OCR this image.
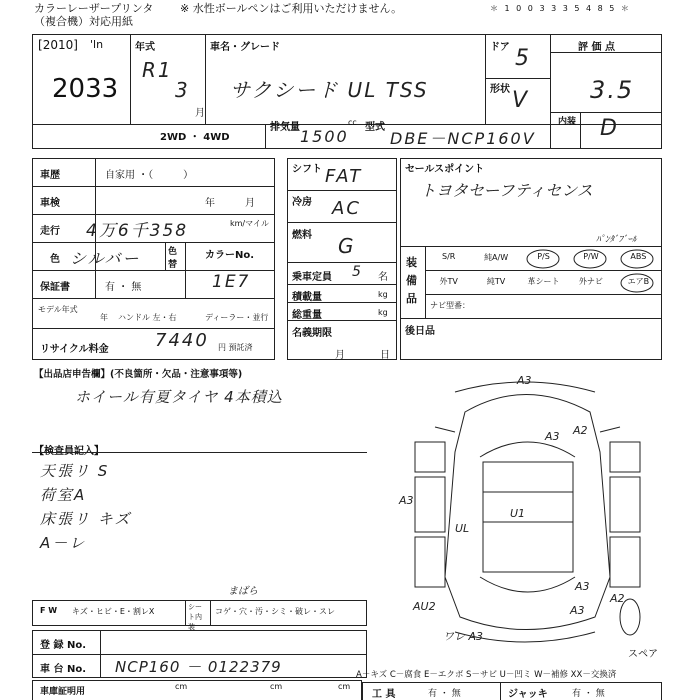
カラーレーザープリンタ
（複合機）対応用紙
※ 水性ボールペンはご利用いただけません。	＊ 1 0 0 3 3 3 5 4 8 5 ＊
[2010] 'ln
2033
年式
R1
3
月
車名・グレード
サクシード UL TSS
ドア 5
形状 V
評 価 点
3.5
内装 D
2WD ・ 4WD
排気量 1500
cc 型式
DBE－NCP160V
車歴	自家用 ・（　　　）
車検	年	月
走行 4万6千358	km/マイル
色 シルバー	色替
カラーNo.
1E7
保証書	有 ・ 無
モデル年式
年 ハンドル 左・右	ディーラー・並行
リサイクル料金	7440 円 預託済
シフト FAT
冷房 AC
燃料 G
乗車定員 5 名
積載量	kg
総重量	kg
名義期限
月	日
セールスポイント
トヨタセーフティセンス
装備品
ﾊﾟﾝﾀﾞﾌﾞｰﾙ
S/R	純A/W	P/S	P/W	ABS
外TV	純TV	革シート	外ナビ	エアB
ナビ型番：
後日品
【出品店申告欄】(不良箇所・欠品・注意事項等)
ホイール有夏タイヤ 4本積込
【検査員記入】
天張リ S
荷室A
床張リ キズ
A－レ
A3
A3 A2
A3
U1
UL
A3
A3
A2
AU2
ワレ A3
スペア
F W キズ・ヒビ・E・割レX	シート内装
コゲ・穴・汚・シミ・破レ・スレ
まばら
登 録 No.
車 台 No. NCP160 － 0122379
車庫証明用
cm	cm	cm
A－キズ C－腐食 E－エクボ S－サビ U－凹ミ W－補修 XX－交換済
工 具	有 ・ 無	ジャッキ	有 ・ 無
